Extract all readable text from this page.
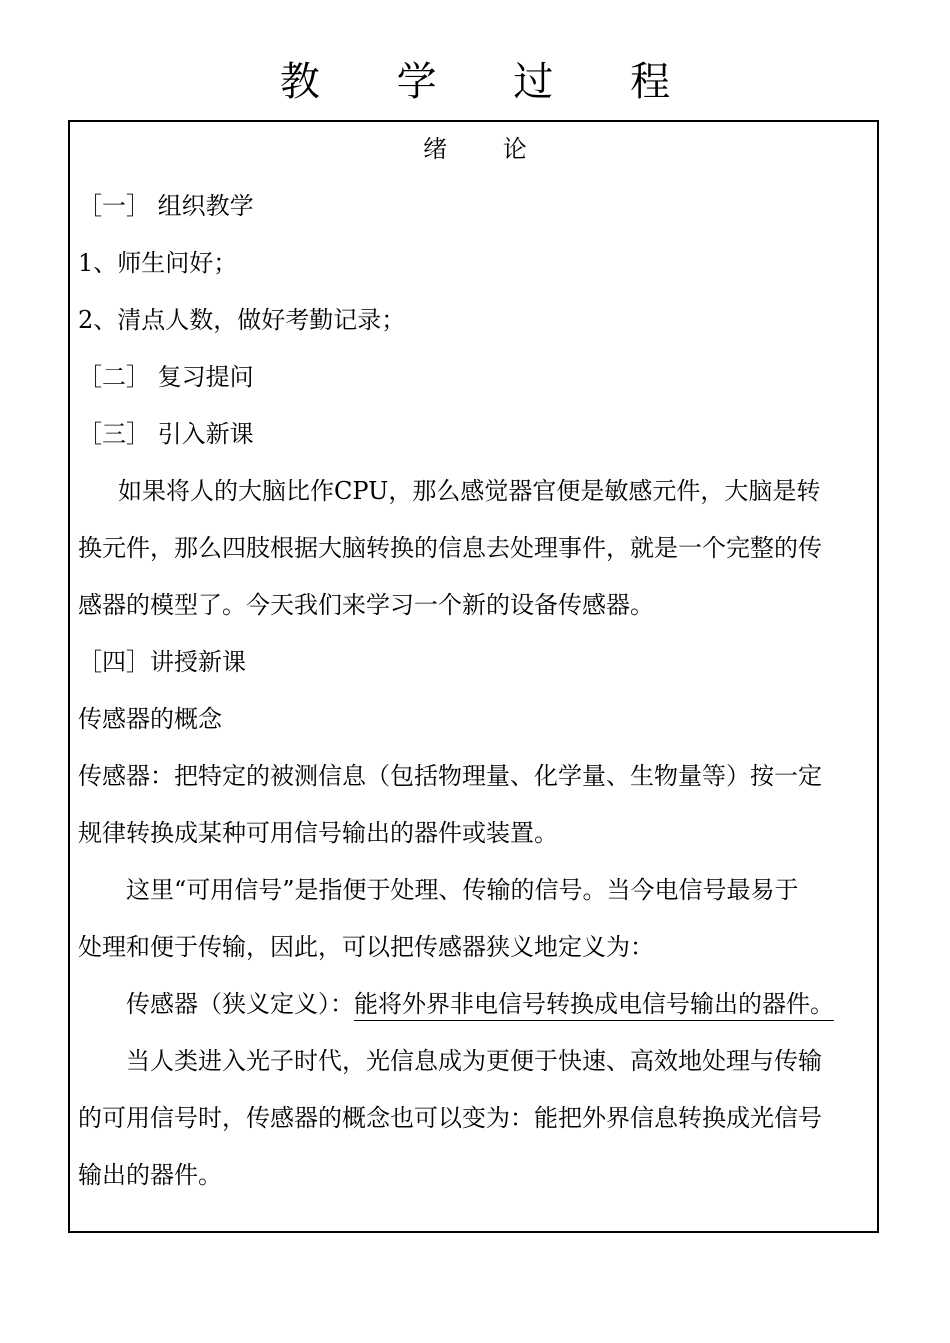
教 学 过 程
绪 论
［一］ 组织教学
1、师生问好；
2、清点人数，做好考勤记录；
［二］ 复习提问
［三］ 引入新课
如果将人的大脑比作CPU，那么感觉器官便是敏感元件，大脑是转
换元件，那么四肢根据大脑转换的信息去处理事件，就是一个完整的传
感器的模型了。今天我们来学习一个新的设备传感器。
［四］讲授新课
传感器的概念
传感器：把特定的被测信息（包括物理量、化学量、生物量等）按一定
规律转换成某种可用信号输出的器件或装置。
这里“可用信号”是指便于处理、传输的信号。当今电信号最易于
处理和便于传输，因此，可以把传感器狭义地定义为：
传感器（狭义定义）：能将外界非电信号转换成电信号输出的器件。
当人类进入光子时代，光信息成为更便于快速、高效地处理与传输
的可用信号时，传感器的概念也可以变为：能把外界信息转换成光信号
输出的器件。
